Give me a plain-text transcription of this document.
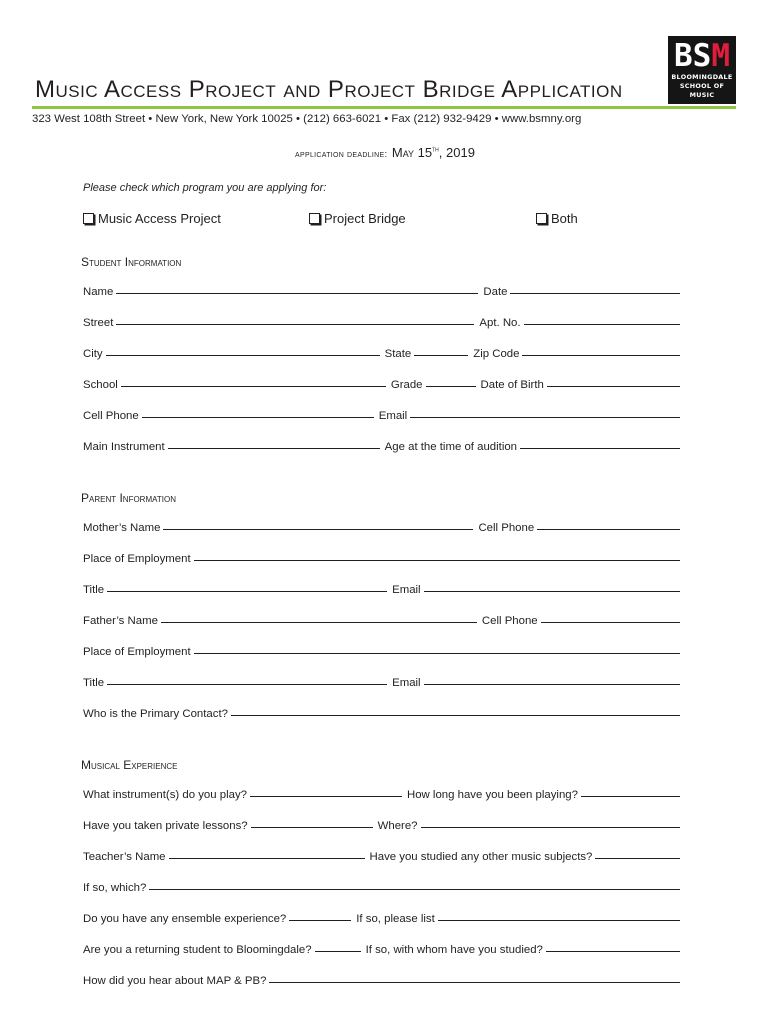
BSM
BLOOMINGDALE
SCHOOL OF MUSIC
Music Access Project and Project Bridge Application
323 West 108th Street • New York, New York 10025 • (212) 663-6021 • Fax (212) 932-9429 • www.bsmny.org
application deadline: May 15th, 2019
Please check which program you are applying for:
Music Access Project	Project Bridge	Both
Student Information
Name	Date
Street	Apt. No.
City	State	Zip Code
School	Grade	Date of Birth
Cell Phone	Email
Main Instrument	Age at the time of audition
Parent Information
Mother’s Name	Cell Phone
Place of Employment
Title	Email
Father’s Name	Cell Phone
Place of Employment
Title	Email
Who is the Primary Contact?
Musical Experience
What instrument(s) do you play?	How long have you been playing?
Have you taken private lessons?	Where?
Teacher’s Name	Have you studied any other music subjects?
If so, which?
Do you have any ensemble experience?	If so, please list
Are you a returning student to Bloomingdale?	If so, with whom have you studied?
How did you hear about MAP & PB?
